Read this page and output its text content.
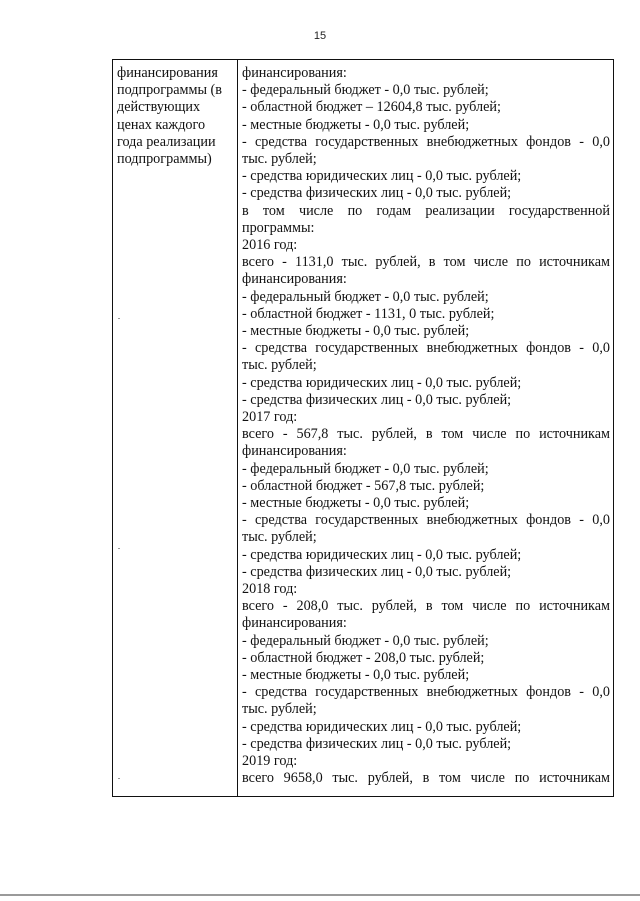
15
финансирования
подпрограммы (в
действующих
ценах каждого
года реализации
подпрограммы)
финансирования:
- федеральный бюджет - 0,0 тыс. рублей;
- областной бюджет – 12604,8 тыс. рублей;
- местные бюджеты - 0,0 тыс. рублей;
- средства государственных внебюджетных фондов - 0,0
тыс. рублей;
- средства юридических лиц - 0,0 тыс. рублей;
- средства физических лиц - 0,0 тыс. рублей;
в том числе по годам реализации государственной
программы:
2016 год:
всего - 1131,0 тыс. рублей, в том числе по источникам
финансирования:
- федеральный бюджет - 0,0 тыс. рублей;
- областной бюджет - 1131, 0 тыс. рублей;
- местные бюджеты - 0,0 тыс. рублей;
- средства государственных внебюджетных фондов - 0,0
тыс. рублей;
- средства юридических лиц - 0,0 тыс. рублей;
- средства физических лиц - 0,0 тыс. рублей;
2017 год:
всего - 567,8 тыс. рублей, в том числе по источникам
финансирования:
- федеральный бюджет - 0,0 тыс. рублей;
- областной бюджет - 567,8 тыс. рублей;
- местные бюджеты - 0,0 тыс. рублей;
- средства государственных внебюджетных фондов - 0,0
тыс. рублей;
- средства юридических лиц - 0,0 тыс. рублей;
- средства физических лиц - 0,0 тыс. рублей;
2018 год:
всего - 208,0 тыс. рублей, в том числе по источникам
финансирования:
- федеральный бюджет - 0,0 тыс. рублей;
- областной бюджет - 208,0 тыс. рублей;
- местные бюджеты - 0,0 тыс. рублей;
- средства государственных внебюджетных фондов - 0,0
тыс. рублей;
- средства юридических лиц - 0,0 тыс. рублей;
- средства физических лиц - 0,0 тыс. рублей;
2019 год:
всего 9658,0 тыс. рублей, в том числе по источникам
